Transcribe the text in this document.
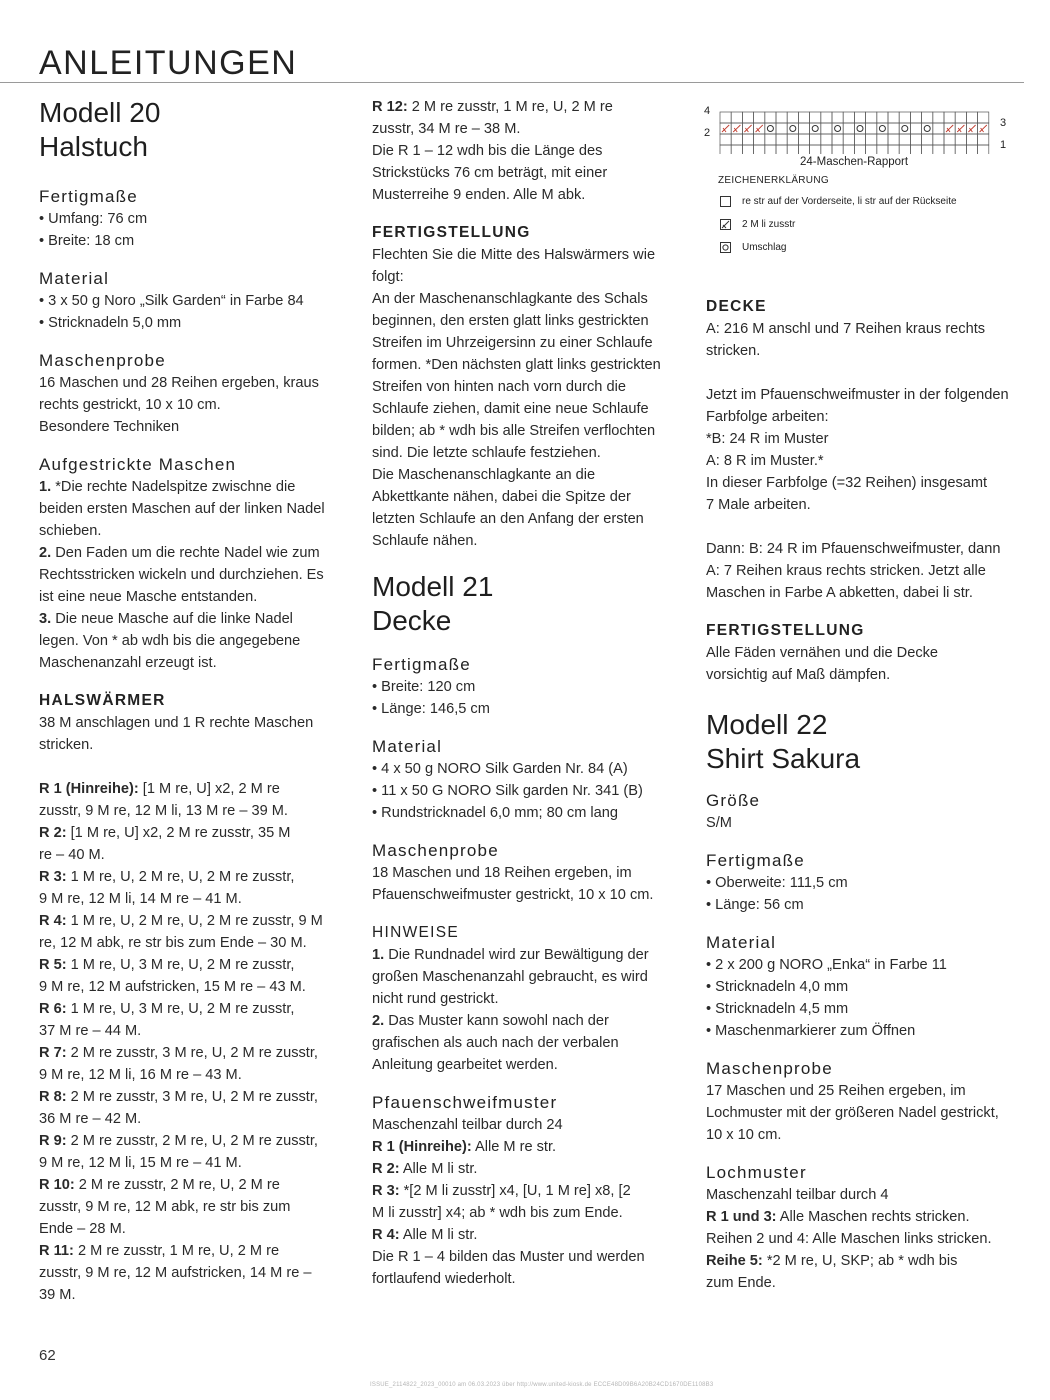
ANLEITUNGEN

Modell 20

Halstuch

Fertigmaße

• Umfang: 76 cm

• Breite: 18 cm

Material

• 3 x 50 g Noro „Silk Garden“ in Farbe 84

• Stricknadeln 5,0 mm

Maschenprobe

16 Maschen und 28 Reihen ergeben, kraus

rechts gestrickt, 10 x 10 cm.

Besondere Techniken

Aufgestrickte Maschen

1. *Die rechte Nadelspitze zwischne die

beiden ersten Maschen auf der linken Nadel

schieben.

2. Den Faden um die rechte Nadel wie zum

Rechtsstricken wickeln und durchziehen. Es

ist eine neue Masche entstanden.

3. Die neue Masche auf die linke Nadel

legen. Von * ab wdh bis die angegebene

Maschenanzahl erzeugt ist.

HALSWÄRMER

38 M anschlagen und 1 R rechte Maschen

stricken.

R 1 (Hinreihe): [1 M re, U] x2, 2 M re

zusstr, 9 M re, 12 M li, 13 M re – 39 M.

R 2: [1 M re, U] x2, 2 M re zusstr, 35 M

re – 40 M.

R 3: 1 M re, U, 2 M re, U, 2 M re zusstr,

9 M re, 12 M li, 14 M re – 41 M.

R 4: 1 M re, U, 2 M re, U, 2 M re zusstr, 9 M

re, 12 M abk, re str bis zum Ende – 30 M.

R 5: 1 M re, U, 3 M re, U, 2 M re zusstr,

9 M re, 12 M aufstricken, 15 M re – 43 M.

R 6: 1 M re, U, 3 M re, U, 2 M re zusstr,

37 M re – 44 M.

R 7: 2 M re zusstr, 3 M re, U, 2 M re zusstr,

9 M re, 12 M li, 16 M re – 43 M.

R 8: 2 M re zusstr, 3 M re, U, 2 M re zusstr,

36 M re – 42 M.

R 9: 2 M re zusstr, 2 M re, U, 2 M re zusstr,

9 M re, 12 M li, 15 M re – 41 M.

R 10: 2 M re zusstr, 2 M re, U, 2 M re

zusstr, 9 M re, 12 M abk, re str bis zum

Ende – 28 M.

R 11: 2 M re zusstr, 1 M re, U, 2 M re

zusstr, 9 M re, 12 M aufstricken, 14 M re –

39 M.

R 12: 2 M re zusstr, 1 M re, U, 2 M re

zusstr, 34 M re – 38 M.

Die R 1 – 12 wdh bis die Länge des

Strickstücks 76 cm beträgt, mit einer

Musterreihe 9 enden. Alle M abk.

FERTIGSTELLUNG

Flechten Sie die Mitte des Halswärmers wie

folgt:

An der Maschenanschlagkante des Schals

beginnen, den ersten glatt links gestrickten

Streifen im Uhrzeigersinn zu einer Schlaufe

formen. *Den nächsten glatt links gestrickten

Streifen von hinten nach vorn durch die

Schlaufe ziehen, damit eine neue Schlaufe

bilden; ab * wdh bis alle Streifen verflochten

sind. Die letzte schlaufe festziehen.

Die Maschenanschlagkante an die

Abkettkante nähen, dabei die Spitze der

letzten Schlaufe an den Anfang der ersten

Schlaufe nähen.

Modell 21

Decke

Fertigmaße

• Breite: 120 cm

• Länge: 146,5 cm

Material

• 4 x 50 g NORO Silk Garden Nr. 84 (A)

• 11 x 50 G NORO Silk garden Nr. 341 (B)

• Rundstricknadel 6,0 mm; 80 cm lang

Maschenprobe

18 Maschen und 18 Reihen ergeben, im

Pfauenschweifmuster gestrickt, 10 x 10 cm.

HINWEISE

1. Die Rundnadel wird zur Bewältigung der

großen Maschenanzahl gebraucht, es wird

nicht rund gestrickt.

2. Das Muster kann sowohl nach der

grafischen als auch nach der verbalen

Anleitung gearbeitet werden.

Pfauenschweifmuster

Maschenzahl teilbar durch 24

R 1 (Hinreihe): Alle M re str.

R 2: Alle M li str.

R 3: *[2 M li zusstr] x4, [U, 1 M re] x8, [2

M li zusstr] x4; ab * wdh bis zum Ende.

R 4: Alle M li str.

Die R 1 – 4 bilden das Muster und werden

fortlaufend wiederholt.

4
2
3
1
24-Maschen-Rapport
ZEICHENERKLÄRUNG
re str auf der Vorderseite, li str auf der Rückseite
2 M li zusstr
Umschlag

DECKE

A: 216 M anschl und 7 Reihen kraus rechts

stricken.

Jetzt im Pfauenschweifmuster in der folgenden

Farbfolge arbeiten:

*B: 24 R im Muster

A: 8 R im Muster.*

In dieser Farbfolge (=32 Reihen) insgesamt

7 Male arbeiten.

Dann: B: 24 R im Pfauenschweifmuster, dann

A: 7 Reihen kraus rechts stricken. Jetzt alle

Maschen in Farbe A abketten, dabei li str.

FERTIGSTELLUNG

Alle Fäden vernähen und die Decke

vorsichtig auf Maß dämpfen.

Modell 22

Shirt Sakura

Größe

S/M

Fertigmaße

• Oberweite: 111,5 cm

• Länge: 56 cm

Material

• 2 x 200 g NORO „Enka“ in Farbe 11

• Stricknadeln 4,0 mm

• Stricknadeln 4,5 mm

• Maschenmarkierer zum Öffnen

Maschenprobe

17 Maschen und 25 Reihen ergeben, im

Lochmuster mit der größeren Nadel gestrickt,

10 x 10 cm.

Lochmuster

Maschenzahl teilbar durch 4

R 1 und 3: Alle Maschen rechts stricken.

Reihen 2 und 4: Alle Maschen links stricken.

Reihe 5: *2 M re, U, SKP; ab * wdh bis

zum Ende.

62
ISSUE_2114822_2023_00010 am 06.03.2023 über http://www.united-kiosk.de ECCE48D09B6A20B24CD1670DE1108B3
